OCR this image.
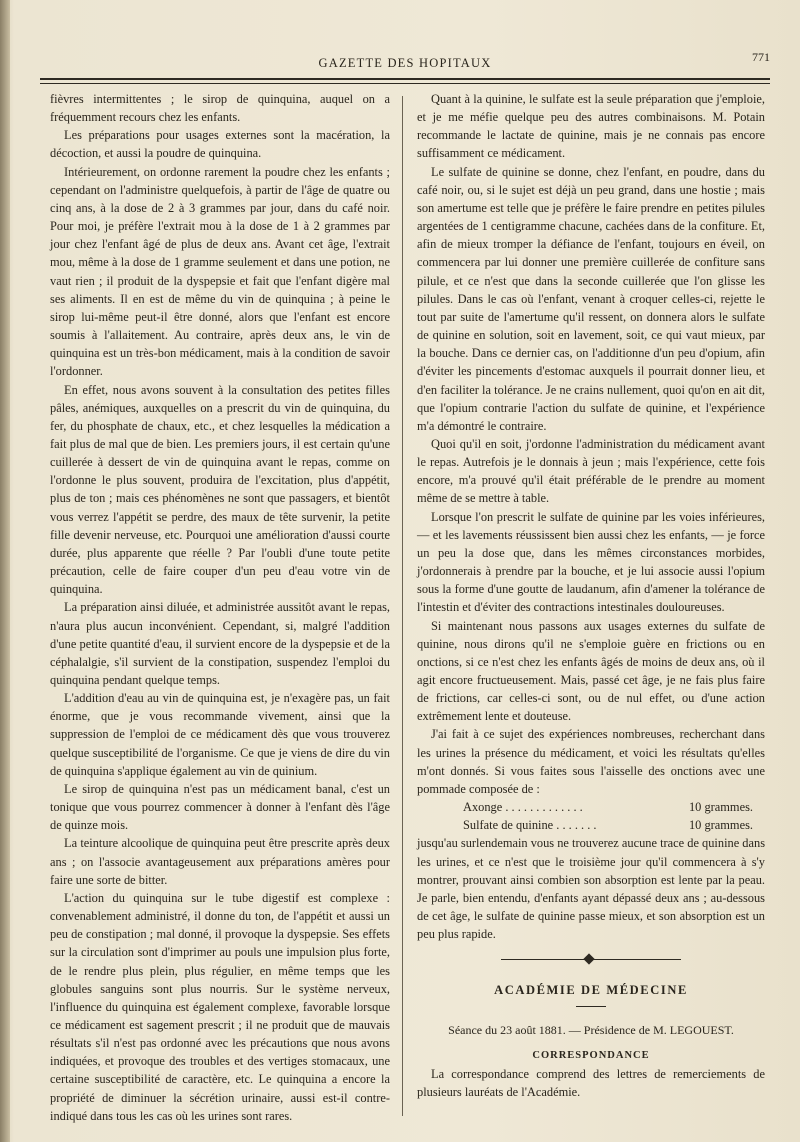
GAZETTE DES HOPITAUX	771

fièvres intermittentes ; le sirop de quinquina, auquel on a fréquemment recours chez les enfants.

Les préparations pour usages externes sont la macération, la décoction, et aussi la poudre de quinquina.

Intérieurement, on ordonne rarement la poudre chez les enfants ; cependant on l'administre quelquefois, à partir de l'âge de quatre ou cinq ans, à la dose de 2 à 3 grammes par jour, dans du café noir. Pour moi, je préfère l'extrait mou à la dose de 1 à 2 grammes par jour chez l'enfant âgé de plus de deux ans. Avant cet âge, l'extrait mou, même à la dose de 1 gramme seulement et dans une potion, ne vaut rien ; il produit de la dyspepsie et fait que l'enfant digère mal ses aliments. Il en est de même du vin de quinquina ; à peine le sirop lui-même peut-il être donné, alors que l'enfant est encore soumis à l'allaitement. Au contraire, après deux ans, le vin de quinquina est un très-bon médicament, mais à la condition de savoir l'ordonner.

En effet, nous avons souvent à la consultation des petites filles pâles, anémiques, auxquelles on a prescrit du vin de quinquina, du fer, du phosphate de chaux, etc., et chez lesquelles la médication a fait plus de mal que de bien. Les premiers jours, il est certain qu'une cuillerée à dessert de vin de quinquina avant le repas, comme on l'ordonne le plus souvent, produira de l'excitation, plus d'appétit, plus de ton ; mais ces phénomènes ne sont que passagers, et bientôt vous verrez l'appétit se perdre, des maux de tête survenir, la petite fille devenir nerveuse, etc. Pourquoi une amélioration d'aussi courte durée, plus apparente que réelle ? Par l'oubli d'une toute petite précaution, celle de faire couper d'un peu d'eau votre vin de quinquina.

La préparation ainsi diluée, et administrée aussitôt avant le repas, n'aura plus aucun inconvénient. Cependant, si, malgré l'addition d'une petite quantité d'eau, il survient encore de la dyspepsie et de la céphalalgie, s'il survient de la constipation, suspendez l'emploi du quinquina pendant quelque temps.

L'addition d'eau au vin de quinquina est, je n'exagère pas, un fait énorme, que je vous recommande vivement, ainsi que la suppression de l'emploi de ce médicament dès que vous trouverez quelque susceptibilité de l'organisme. Ce que je viens de dire du vin de quinquina s'applique également au vin de quinium.

Le sirop de quinquina n'est pas un médicament banal, c'est un tonique que vous pourrez commencer à donner à l'enfant dès l'âge de quinze mois.

La teinture alcoolique de quinquina peut être prescrite après deux ans ; on l'associe avantageusement aux préparations amères pour faire une sorte de bitter.

L'action du quinquina sur le tube digestif est complexe : convenablement administré, il donne du ton, de l'appétit et aussi un peu de constipation ; mal donné, il provoque la dyspepsie. Ses effets sur la circulation sont d'imprimer au pouls une impulsion plus forte, de le rendre plus plein, plus régulier, en même temps que les globules sanguins sont plus nourris. Sur le système nerveux, l'influence du quinquina est également complexe, favorable lorsque ce médicament est sagement prescrit ; il ne produit que de mauvais résultats s'il n'est pas ordonné avec les précautions que nous avons indiquées, et provoque des troubles et des vertiges stomacaux, une certaine susceptibilité de caractère, etc. Le quinquina a encore la propriété de diminuer la sécrétion urinaire, aussi est-il contre-indiqué dans tous les cas où les urines sont rares.

Quant à la quinine, le sulfate est la seule préparation que j'emploie, et je me méfie quelque peu des autres combinaisons. M. Potain recommande le lactate de quinine, mais je ne connais pas encore suffisamment ce médicament.

Le sulfate de quinine se donne, chez l'enfant, en poudre, dans du café noir, ou, si le sujet est déjà un peu grand, dans une hostie ; mais son amertume est telle que je préfère le faire prendre en petites pilules argentées de 1 centigramme chacune, cachées dans de la confiture. Et, afin de mieux tromper la défiance de l'enfant, toujours en éveil, on commencera par lui donner une première cuillerée de confiture sans pilule, et ce n'est que dans la seconde cuillerée que l'on glisse les pilules. Dans le cas où l'enfant, venant à croquer celles-ci, rejette le tout par suite de l'amertume qu'il ressent, on donnera alors le sulfate de quinine en solution, soit en lavement, soit, ce qui vaut mieux, par la bouche. Dans ce dernier cas, on l'additionne d'un peu d'opium, afin d'éviter les pincements d'estomac auxquels il pourrait donner lieu, et d'en faciliter la tolérance. Je ne crains nullement, quoi qu'on en ait dit, que l'opium contrarie l'action du sulfate de quinine, et l'expérience m'a démontré le contraire.

Quoi qu'il en soit, j'ordonne l'administration du médicament avant le repas. Autrefois je le donnais à jeun ; mais l'expérience, cette fois encore, m'a prouvé qu'il était préférable de le prendre au moment même de se mettre à table.

Lorsque l'on prescrit le sulfate de quinine par les voies inférieures, — et les lavements réussissent bien aussi chez les enfants, — je force un peu la dose que, dans les mêmes circonstances morbides, j'ordonnerais à prendre par la bouche, et je lui associe aussi l'opium sous la forme d'une goutte de laudanum, afin d'amener la tolérance de l'intestin et d'éviter des contractions intestinales douloureuses.

Si maintenant nous passons aux usages externes du sulfate de quinine, nous dirons qu'il ne s'emploie guère en frictions ou en onctions, si ce n'est chez les enfants âgés de moins de deux ans, où il agit encore fructueusement. Mais, passé cet âge, je ne fais plus faire de frictions, car celles-ci sont, ou de nul effet, ou d'une action extrêmement lente et douteuse.

J'ai fait à ce sujet des expériences nombreuses, recherchant dans les urines la présence du médicament, et voici les résultats qu'elles m'ont donnés. Si vous faites sous l'aisselle des onctions avec une pommade composée de :

Axonge . . . . . . . . . . . . .	10 grammes.
Sulfate de quinine . . . . . . .	10 grammes.

jusqu'au surlendemain vous ne trouverez aucune trace de quinine dans les urines, et ce n'est que le troisième jour qu'il commencera à s'y montrer, prouvant ainsi combien son absorption est lente par la peau. Je parle, bien entendu, d'enfants ayant dépassé deux ans ; au-dessous de cet âge, le sulfate de quinine passe mieux, et son absorption est un peu plus rapide.

ACADÉMIE DE MÉDECINE
Séance du 23 août 1881. — Présidence de M. LEGOUEST.
CORRESPONDANCE

La correspondance comprend des lettres de remerciements de plusieurs lauréats de l'Académie.
